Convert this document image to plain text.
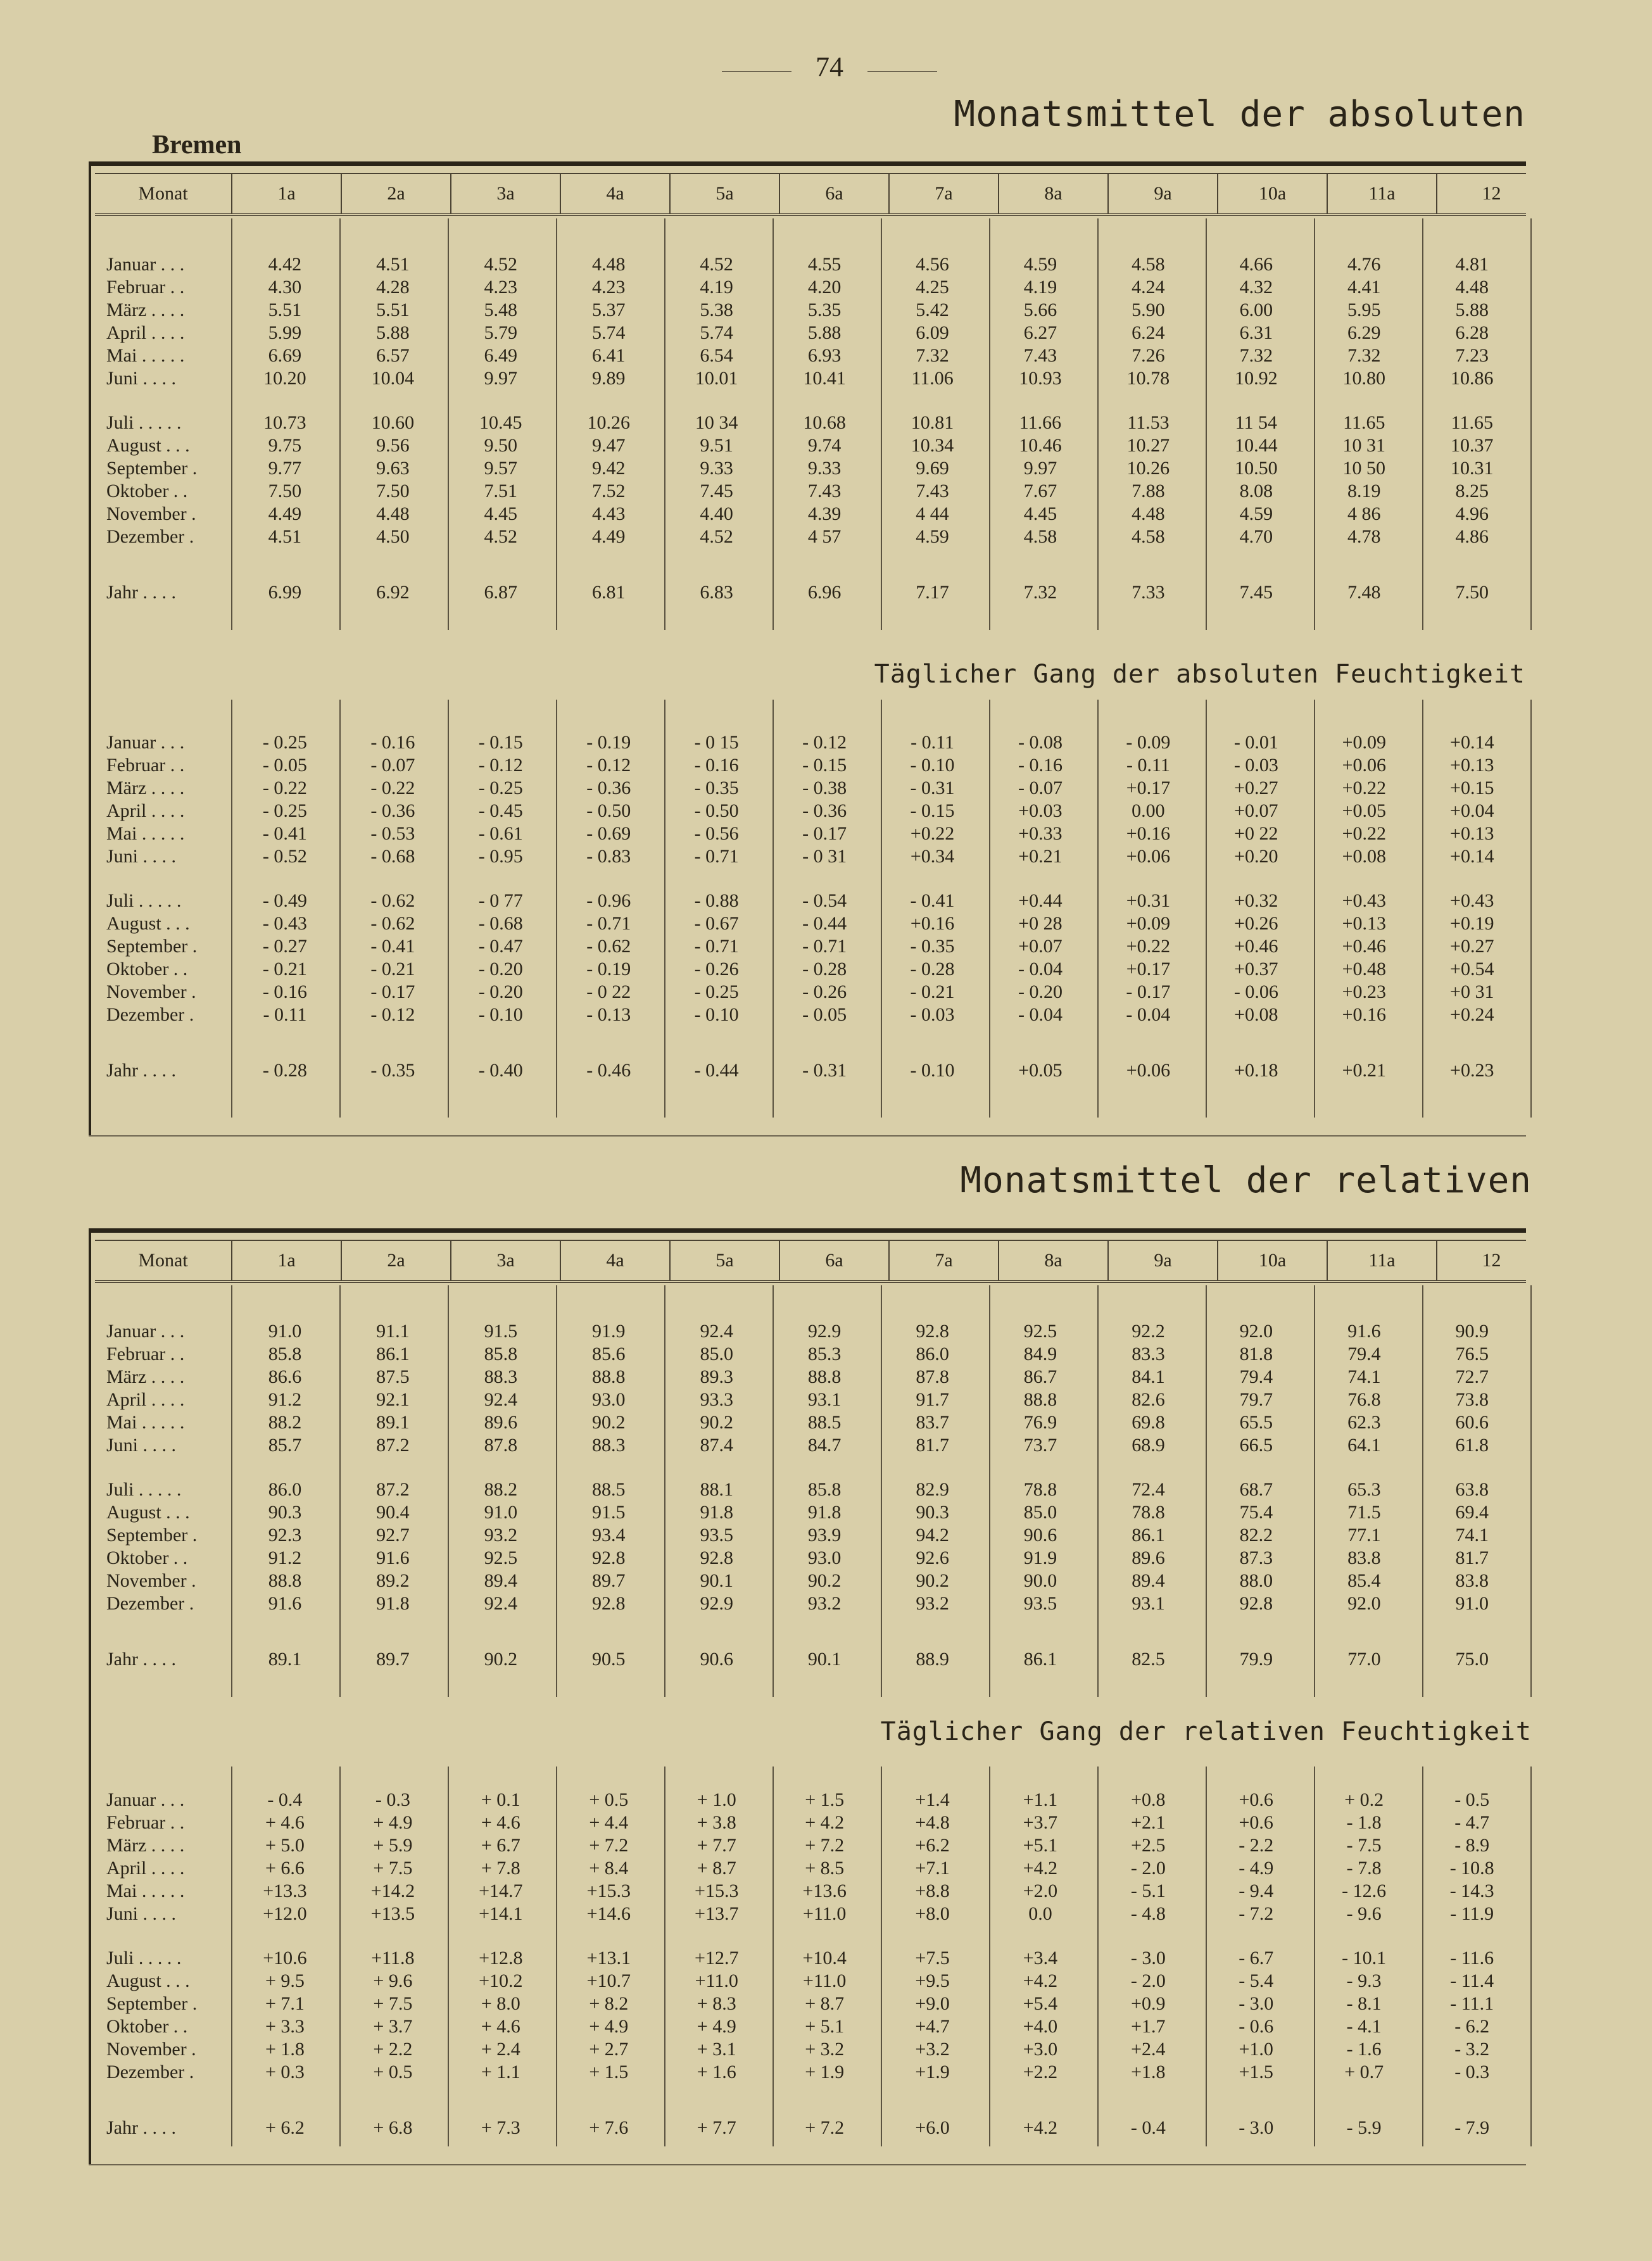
74
Monatsmittel der absoluten
Bremen
Monat	1a	2a	3a	4a	5a	6a	7a	8a	9a	10a	11a	12
Januar . . .	4.42	4.51	4.52	4.48	4.52	4.55	4.56	4.59	4.58	4.66	4.76	4.81
Februar . .	4.30	4.28	4.23	4.23	4.19	4.20	4.25	4.19	4.24	4.32	4.41	4.48
März . . . .	5.51	5.51	5.48	5.37	5.38	5.35	5.42	5.66	5.90	6.00	5.95	5.88
April . . . .	5.99	5.88	5.79	5.74	5.74	5.88	6.09	6.27	6.24	6.31	6.29	6.28
Mai . . . . .	6.69	6.57	6.49	6.41	6.54	6.93	7.32	7.43	7.26	7.32	7.32	7.23
Juni . . . .	10.20	10.04	9.97	9.89	10.01	10.41	11.06	10.93	10.78	10.92	10.80	10.86

Juli . . . . .	10.73	10.60	10.45	10.26	10 34	10.68	10.81	11.66	11.53	11 54	11.65	11.65
August . . .	9.75	9.56	9.50	9.47	9.51	9.74	10.34	10.46	10.27	10.44	10 31	10.37
September .	9.77	9.63	9.57	9.42	9.33	9.33	9.69	9.97	10.26	10.50	10 50	10.31
Oktober . .	7.50	7.50	7.51	7.52	7.45	7.43	7.43	7.67	7.88	8.08	8.19	8.25
November .	4.49	4.48	4.45	4.43	4.40	4.39	4 44	4.45	4.48	4.59	4 86	4.96
Dezember .	4.51	4.50	4.52	4.49	4.52	4 57	4.59	4.58	4.58	4.70	4.78	4.86

Jahr . . . .	6.99	6.92	6.87	6.81	6.83	6.96	7.17	7.32	7.33	7.45	7.48	7.50
Januar . . .	- 0.25	- 0.16	- 0.15	- 0.19	- 0 15	- 0.12	- 0.11	- 0.08	- 0.09	- 0.01	+0.09	+0.14
Februar . .	- 0.05	- 0.07	- 0.12	- 0.12	- 0.16	- 0.15	- 0.10	- 0.16	- 0.11	- 0.03	+0.06	+0.13
März . . . .	- 0.22	- 0.22	- 0.25	- 0.36	- 0.35	- 0.38	- 0.31	- 0.07	+0.17	+0.27	+0.22	+0.15
April . . . .	- 0.25	- 0.36	- 0.45	- 0.50	- 0.50	- 0.36	- 0.15	+0.03	0.00	+0.07	+0.05	+0.04
Mai . . . . .	- 0.41	- 0.53	- 0.61	- 0.69	- 0.56	- 0.17	+0.22	+0.33	+0.16	+0 22	+0.22	+0.13
Juni . . . .	- 0.52	- 0.68	- 0.95	- 0.83	- 0.71	- 0 31	+0.34	+0.21	+0.06	+0.20	+0.08	+0.14

Juli . . . . .	- 0.49	- 0.62	- 0 77	- 0.96	- 0.88	- 0.54	- 0.41	+0.44	+0.31	+0.32	+0.43	+0.43
August . . .	- 0.43	- 0.62	- 0.68	- 0.71	- 0.67	- 0.44	+0.16	+0 28	+0.09	+0.26	+0.13	+0.19
September .	- 0.27	- 0.41	- 0.47	- 0.62	- 0.71	- 0.71	- 0.35	+0.07	+0.22	+0.46	+0.46	+0.27
Oktober . .	- 0.21	- 0.21	- 0.20	- 0.19	- 0.26	- 0.28	- 0.28	- 0.04	+0.17	+0.37	+0.48	+0.54
November .	- 0.16	- 0.17	- 0.20	- 0 22	- 0.25	- 0.26	- 0.21	- 0.20	- 0.17	- 0.06	+0.23	+0 31
Dezember .	- 0.11	- 0.12	- 0.10	- 0.13	- 0.10	- 0.05	- 0.03	- 0.04	- 0.04	+0.08	+0.16	+0.24

Jahr . . . .	- 0.28	- 0.35	- 0.40	- 0.46	- 0.44	- 0.31	- 0.10	+0.05	+0.06	+0.18	+0.21	+0.23
Täglicher Gang der absoluten Feuchtigkeit
Monatsmittel der relativen
Monat	1a	2a	3a	4a	5a	6a	7a	8a	9a	10a	11a	12
Januar . . .	91.0	91.1	91.5	91.9	92.4	92.9	92.8	92.5	92.2	92.0	91.6	90.9
Februar . .	85.8	86.1	85.8	85.6	85.0	85.3	86.0	84.9	83.3	81.8	79.4	76.5
März . . . .	86.6	87.5	88.3	88.8	89.3	88.8	87.8	86.7	84.1	79.4	74.1	72.7
April . . . .	91.2	92.1	92.4	93.0	93.3	93.1	91.7	88.8	82.6	79.7	76.8	73.8
Mai . . . . .	88.2	89.1	89.6	90.2	90.2	88.5	83.7	76.9	69.8	65.5	62.3	60.6
Juni . . . .	85.7	87.2	87.8	88.3	87.4	84.7	81.7	73.7	68.9	66.5	64.1	61.8

Juli . . . . .	86.0	87.2	88.2	88.5	88.1	85.8	82.9	78.8	72.4	68.7	65.3	63.8
August . . .	90.3	90.4	91.0	91.5	91.8	91.8	90.3	85.0	78.8	75.4	71.5	69.4
September .	92.3	92.7	93.2	93.4	93.5	93.9	94.2	90.6	86.1	82.2	77.1	74.1
Oktober . .	91.2	91.6	92.5	92.8	92.8	93.0	92.6	91.9	89.6	87.3	83.8	81.7
November .	88.8	89.2	89.4	89.7	90.1	90.2	90.2	90.0	89.4	88.0	85.4	83.8
Dezember .	91.6	91.8	92.4	92.8	92.9	93.2	93.2	93.5	93.1	92.8	92.0	91.0

Jahr . . . .	89.1	89.7	90.2	90.5	90.6	90.1	88.9	86.1	82.5	79.9	77.0	75.0
Januar . . .	- 0.4	- 0.3	+ 0.1	+ 0.5	+ 1.0	+ 1.5	+1.4	+1.1	+0.8	+0.6	+ 0.2	- 0.5
Februar . .	+ 4.6	+ 4.9	+ 4.6	+ 4.4	+ 3.8	+ 4.2	+4.8	+3.7	+2.1	+0.6	- 1.8	- 4.7
März . . . .	+ 5.0	+ 5.9	+ 6.7	+ 7.2	+ 7.7	+ 7.2	+6.2	+5.1	+2.5	- 2.2	- 7.5	- 8.9
April . . . .	+ 6.6	+ 7.5	+ 7.8	+ 8.4	+ 8.7	+ 8.5	+7.1	+4.2	- 2.0	- 4.9	- 7.8	- 10.8
Mai . . . . .	+13.3	+14.2	+14.7	+15.3	+15.3	+13.6	+8.8	+2.0	- 5.1	- 9.4	- 12.6	- 14.3
Juni . . . .	+12.0	+13.5	+14.1	+14.6	+13.7	+11.0	+8.0	0.0	- 4.8	- 7.2	- 9.6	- 11.9

Juli . . . . .	+10.6	+11.8	+12.8	+13.1	+12.7	+10.4	+7.5	+3.4	- 3.0	- 6.7	- 10.1	- 11.6
August . . .	+ 9.5	+ 9.6	+10.2	+10.7	+11.0	+11.0	+9.5	+4.2	- 2.0	- 5.4	- 9.3	- 11.4
September .	+ 7.1	+ 7.5	+ 8.0	+ 8.2	+ 8.3	+ 8.7	+9.0	+5.4	+0.9	- 3.0	- 8.1	- 11.1
Oktober . .	+ 3.3	+ 3.7	+ 4.6	+ 4.9	+ 4.9	+ 5.1	+4.7	+4.0	+1.7	- 0.6	- 4.1	- 6.2
November .	+ 1.8	+ 2.2	+ 2.4	+ 2.7	+ 3.1	+ 3.2	+3.2	+3.0	+2.4	+1.0	- 1.6	- 3.2
Dezember .	+ 0.3	+ 0.5	+ 1.1	+ 1.5	+ 1.6	+ 1.9	+1.9	+2.2	+1.8	+1.5	+ 0.7	- 0.3

Jahr . . . .	+ 6.2	+ 6.8	+ 7.3	+ 7.6	+ 7.7	+ 7.2	+6.0	+4.2	- 0.4	- 3.0	- 5.9	- 7.9
Täglicher Gang der relativen Feuchtigkeit
